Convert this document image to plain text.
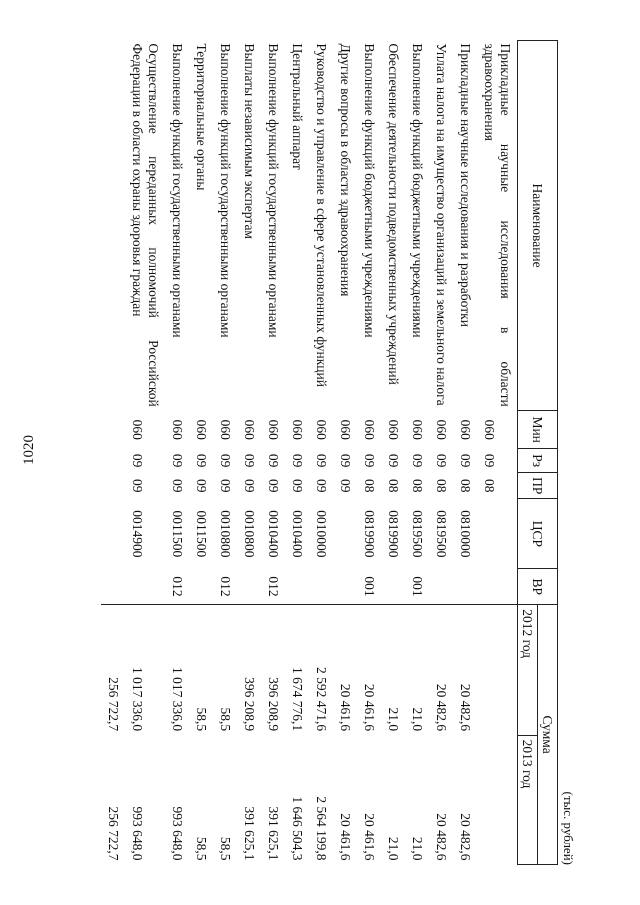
1020
(тыс. рублей)
Наименование	Мин	Рз	ПР	ЦСР	ВР	Сумма	
						2012 год	2013 год
Прикладные научные исследования в области здравоохранения	060	09	08				
Прикладные научные исследования и разработки	060	09	08	0810000		20 482,6	20 482,6
Уплата налога на имущество организаций и земельного налога	060	09	08	0819500		20 482,6	20 482,6
Выполнение функций бюджетными учреждениями	060	09	08	0819500	001	21,0	21,0
Обеспечение деятельности подведомственных учреждений	060	09	08	0819900		21,0	21,0
Выполнение функций бюджетными учреждениями	060	09	08	0819900	001	20 461,6	20 461,6
Другие вопросы в области здравоохранения	060	09	09			20 461,6	20 461,6
Руководство и управление в сфере установленных функций	060	09	09	0010000		2 592 471,6	2 564 199,8
Центральный аппарат	060	09	09	0010400		1 674 776,1	1 646 504,3
Выполнение функций государственными органами	060	09	09	0010400	012	396 208,9	391 625,1
Выплаты независимым экспертам	060	09	09	0010800		396 208,9	391 625,1
Выполнение функций государственными органами	060	09	09	0010800	012	58,5	58,5
Территориальные органы	060	09	09	0011500		58,5	58,5
Выполнение функций государственными органами	060	09	09	0011500	012	1 017 336,0	993 648,0
Осуществление переданных полномочий Российской Федерации в области охраны здоровья граждан	060	09	09	0014900		1 017 336,0	993 648,0
						256 722,7	256 722,7
